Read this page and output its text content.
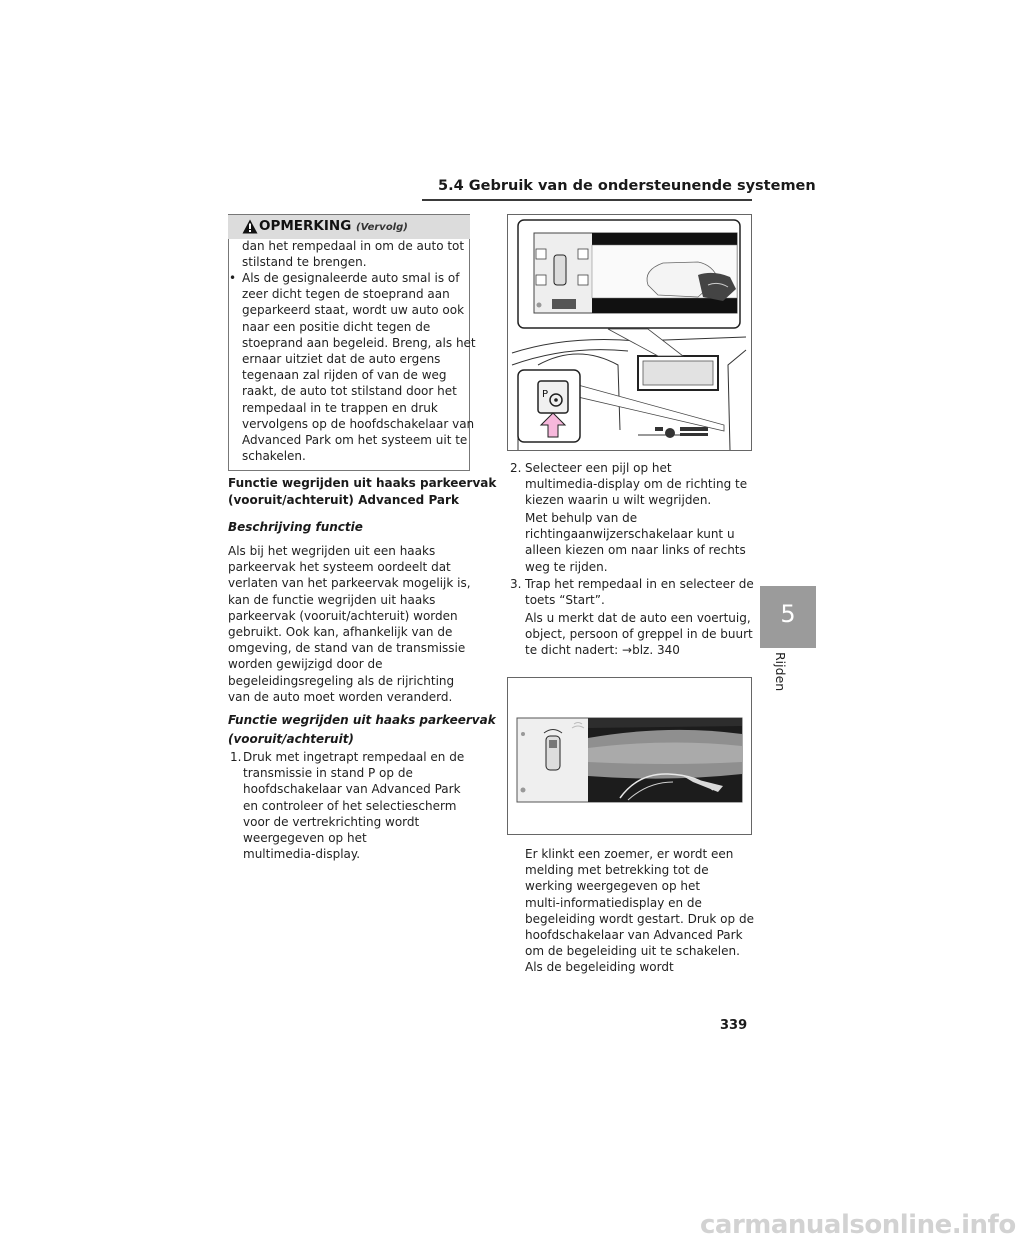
5.4 Gebruik van de ondersteunende systemen
5
Rijden
OPMERKING (Vervolg)
dan het rempedaal in om de auto tot
stilstand te brengen.
• Als de gesignaleerde auto smal is of
zeer dicht tegen de stoeprand aan
geparkeerd staat, wordt uw auto ook
naar een positie dicht tegen de
stoeprand aan begeleid. Breng, als het
ernaar uitziet dat de auto ergens
tegenaan zal rijden of van de weg
raakt, de auto tot stilstand door het
rempedaal in te trappen en druk
vervolgens op de hoofdschakelaar van
Advanced Park om het systeem uit te
schakelen.
Functie wegrijden uit haaks parkeervak
(vooruit/achteruit) Advanced Park
Beschrijving functie
Als bij het wegrijden uit een haaks
parkeervak het systeem oordeelt dat
verlaten van het parkeervak mogelijk is,
kan de functie wegrijden uit haaks
parkeervak (vooruit/achteruit) worden
gebruikt. Ook kan, afhankelijk van de
omgeving, de stand van de transmissie
worden gewijzigd door de
begeleidingsregeling als de rijrichting
van de auto moet worden veranderd.
Functie wegrijden uit haaks parkeervak
(vooruit/achteruit)
1. Druk met ingetrapt rempedaal en de
transmissie in stand P op de
hoofdschakelaar van Advanced Park
en controleer of het selectiescherm
voor de vertrekrichting wordt
weergegeven op het
multimedia-display.
P
2. Selecteer een pijl op het
multimedia-display om de richting te
kiezen waarin u wilt wegrijden.
Met behulp van de
richtingaanwijzerschakelaar kunt u
alleen kiezen om naar links of rechts
weg te rijden.
3. Trap het rempedaal in en selecteer de
toets “Start”.
Als u merkt dat de auto een voertuig,
object, persoon of greppel in de buurt
te dicht nadert: →blz. 340
Er klinkt een zoemer, er wordt een
melding met betrekking tot de
werking weergegeven op het
multi-informatiedisplay en de
begeleiding wordt gestart. Druk op de
hoofdschakelaar van Advanced Park
om de begeleiding uit te schakelen.
Als de begeleiding wordt
339
carmanualsonline.info
